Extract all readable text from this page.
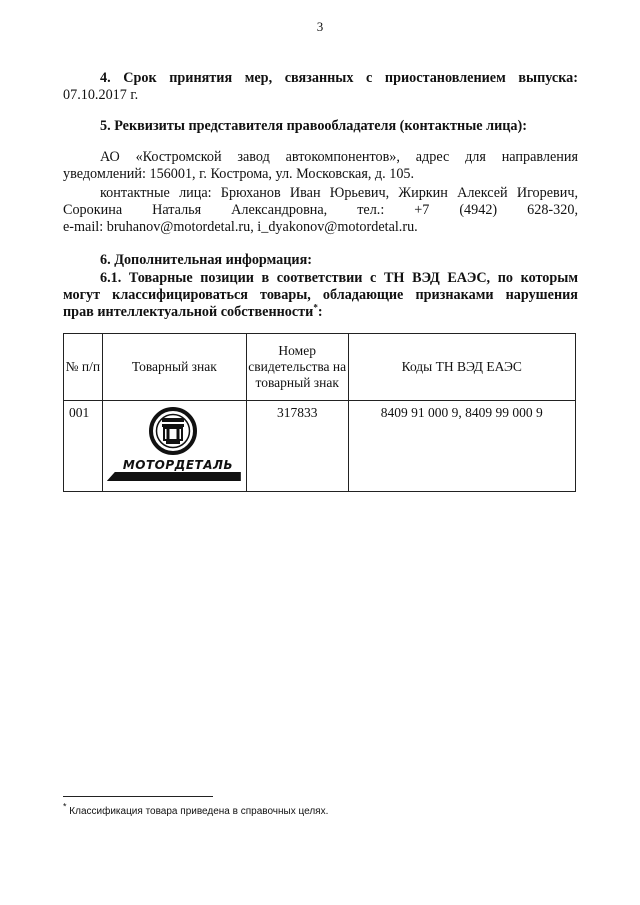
3
4. Срок принятия мер, связанных с приостановлением выпуска:
07.10.2017 г.
5. Реквизиты представителя правообладателя (контактные лица):
АО «Костромской завод автокомпонентов», адрес для направления
уведомлений: 156001, г. Кострома, ул. Московская, д. 105.
контактные лица: Брюханов Иван Юрьевич, Жиркин Алексей Игоревич,
Сорокина Наталья Александровна, тел.: +7 (4942) 628-320,
e-mail: bruhanov@motordetal.ru, i_dyakonov@motordetal.ru.
6. Дополнительная информация:
6.1. Товарные позиции в соответствии с ТН ВЭД ЕАЭС, по которым
могут классифицироваться товары, обладающие признаками нарушения
прав интеллектуальной собственности*:
№ п/п	Товарный знак	Номер свидетельства на товарный знак	Коды ТН ВЭД ЕАЭС
001	МОТОРДЕТАЛЬ	317833	8409 91 000 9, 8409 99 000 9
* Классификация товара приведена в справочных целях.
